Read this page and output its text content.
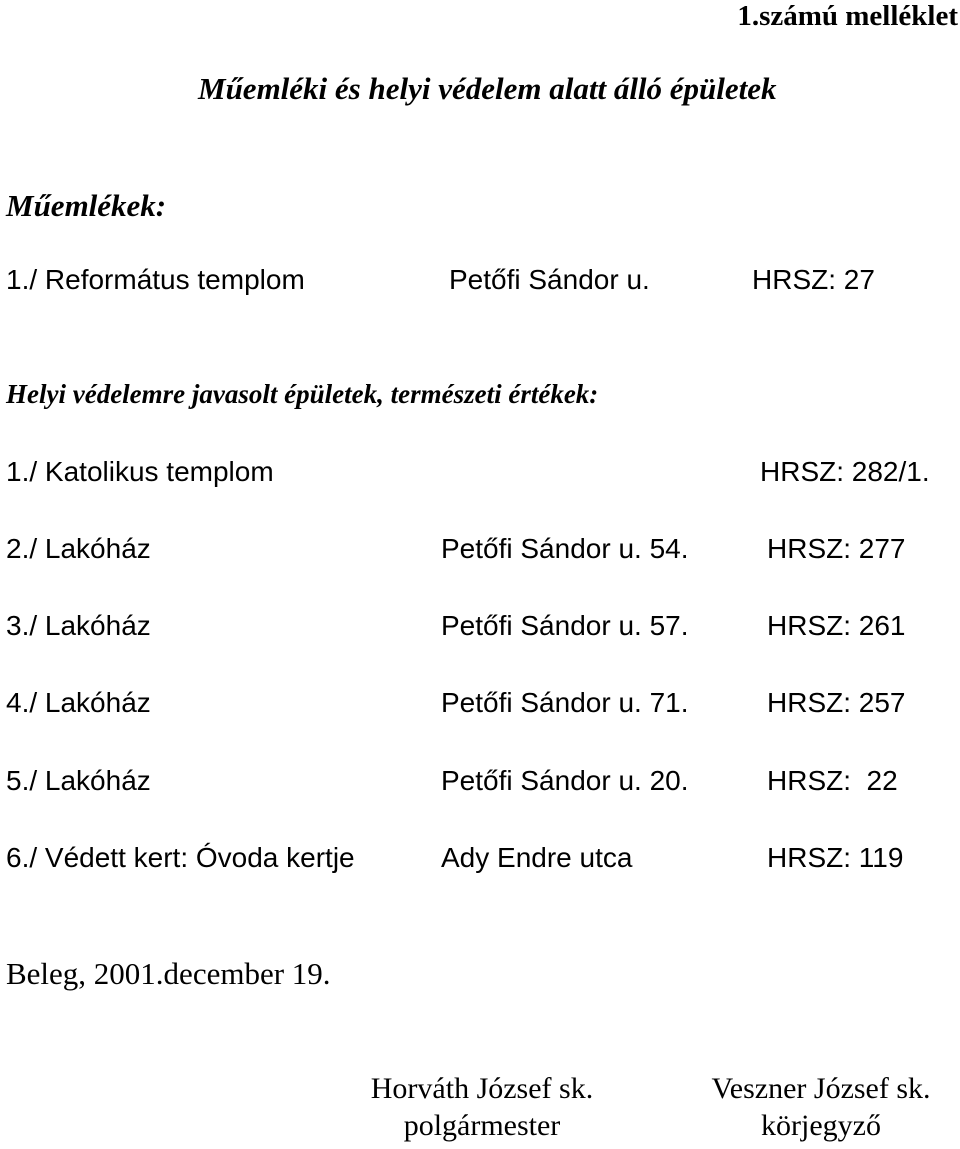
1.számú melléklet
Műemléki és helyi védelem alatt álló épületek
Műemlékek:
1./ Református templom	Petőfi Sándor u.	HRSZ: 27
Helyi védelemre javasolt épületek, természeti értékek:
1./ Katolikus templom	HRSZ: 282/1.
2./ Lakóház	Petőfi Sándor u. 54.	HRSZ: 277
3./ Lakóház	Petőfi Sándor u. 57.	HRSZ: 261
4./ Lakóház	Petőfi Sándor u. 71.	HRSZ: 257
5./ Lakóház	Petőfi Sándor u. 20.	HRSZ:  22
6./ Védett kert: Óvoda kertje	Ady Endre utca	HRSZ: 119
Beleg, 2001.december 19.
Horváth József sk.
polgármester
Veszner József sk.
körjegyző
